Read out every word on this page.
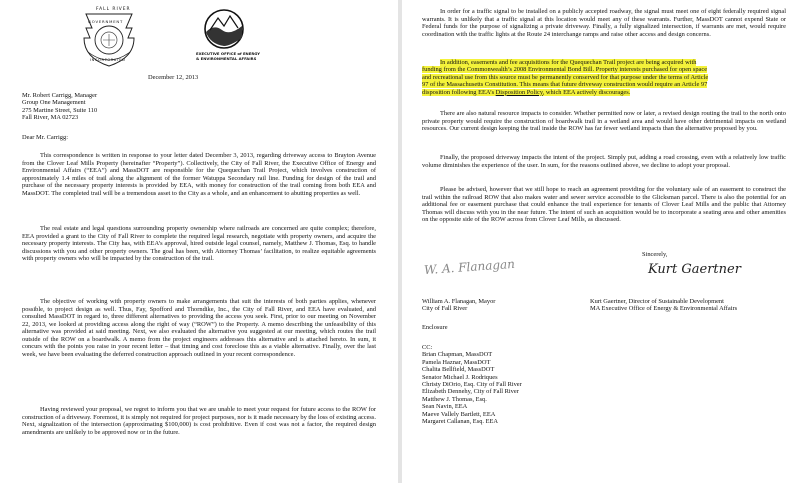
FALL RIVER
GOVERNMENT
INCORPORATED
EXECUTIVE OFFICE of ENERGY
& ENVIRONMENTAL AFFAIRS
December 12, 2013
Mr. Robert Carrigg, Manager
Group One Management
275 Martine Street, Suite 110
Fall River, MA 02723
Dear Mr. Carrigg:

This correspondence is written in response to your letter dated December 3, 2013, regarding driveway access to Brayton Avenue from the Clover Leaf Mills Property (hereinafter “Property”). Collectively, the City of Fall River, the Executive Office of Energy and Environmental Affairs (“EEA”) and MassDOT are responsible for the Quequechan Trail Project, which involves construction of approximately 1.4 miles of trail along the alignment of the former Watuppa Secondary rail line. Funding for design of the trail and purchase of the necessary property interests is provided by EEA, with money for construction of the trail coming from both EEA and MassDOT. The completed trail will be a tremendous asset to the City as a whole, and an enhancement to abutting properties as well.

The real estate and legal questions surrounding property ownership where railroads are concerned are quite complex; therefore, EEA provided a grant to the City of Fall River to complete the required legal research, negotiate with property owners, and acquire the necessary property interests. The City has, with EEA’s approval, hired outside legal counsel, namely, Matthew J. Thomas, Esq. to handle discussions with you and other property owners. The goal has been, with Attorney Thomas’ facilitation, to realize equitable agreements with property owners who will be impacted by the construction of the trail.

The objective of working with property owners to make arrangements that suit the interests of both parties applies, whenever possible, to project design as well. Thus, Fay, Spofford and Thorndike, Inc., the City of Fall River, and EEA have evaluated, and consulted MassDOT in regard to, three different alternatives to providing the access you seek. First, prior to our meeting on November 22, 2013, we looked at providing access along the right of way (“ROW”) to the Property. A memo describing the unfeasibility of this alternative was provided at said meeting. Next, we also evaluated the alternative you suggested at our meeting, which routes the trail outside of the ROW on a boardwalk. A memo from the project engineers addresses this alternative and is attached hereto. In sum, it concurs with the points you raise in your recent letter – that timing and cost foreclose this as a viable alternative. Finally, over the last week, we have been evaluating the deferred construction approach outlined in your recent correspondence.

Having reviewed your proposal, we regret to inform you that we are unable to meet your request for future access to the ROW for construction of a driveway. Foremost, it is simply not required for project purposes, nor is it made necessary by the loss of existing access. Next, signalization of the intersection (approximating $100,000) is cost prohibitive. Even if cost was not a factor, the required design amendments are unlikely to be approved now or in the future.

In order for a traffic signal to be installed on a publicly accepted roadway, the signal must meet one of eight federally required signal warrants. It is unlikely that a traffic signal at this location would meet any of these warrants. Further, MassDOT cannot expend State or Federal funds for the purpose of signalizing a private driveway. Finally, a fully signalized intersection, if warrants are met, would require coordination with the traffic lights at the Route 24 interchange ramps and raise other access and design concerns.

In addition, easements and fee acquisitions for the Quequechan Trail project are being acquired with
funding from the Commonwealth’s 2008 Environmental Bond Bill. Property interests purchased for open space
and recreational use from this source must be permanently conserved for that purpose under the terms of Article
97 of the Massachusetts Constitution. This means that future driveway construction would require an Article 97
disposition following EEA’s Disposition Policy, which EEA actively discourages.

There are also natural resource impacts to consider. Whether permitted now or later, a revised design routing the trail to the north onto private property would require the construction of boardwalk trail in a wetland area and would have other detrimental impacts on wetland resources. Our current design keeping the trail inside the ROW has far fewer wetland impacts than the alternative proposed by you.

Finally, the proposed driveway impacts the intent of the project. Simply put, adding a road crossing, even with a relatively low traffic volume diminishes the experience of the user. In sum, for the reasons outlined above, we decline to adopt your proposal.

Please be advised, however that we still hope to reach an agreement providing for the voluntary sale of an easement to construct the trail within the railroad ROW that also makes water and sewer service accessible to the Glicksman parcel. There is also the potential for an additional fee or easement purchase that could enhance the trail experience for tenants of Clover Leaf Mills and the public that Attorney Thomas will discuss with you in the near future. The intent of such an acquisition would be to incorporate a seating area and other amenities on the opposite side of the ROW across from Clover Leaf Mills, as discussed.

Sincerely,
W. A. Flanagan	Kurt Gaertner
William A. Flanagan, Mayor
City of Fall River
Kurt Gaertner, Director of Sustainable Development
MA Executive Office of Energy & Environmental Affairs
Enclosure
CC:
Brian Chapman, MassDOT
Pamela Haznar, MassDOT
Chalita Bellfield, MassDOT
Senator Michael J. Rodriques
Christy DiOrio, Esq. City of Fall River
Elizabeth Dennehy, City of Fall River
Matthew J. Thomas, Esq.
Sean Navin, EEA
Maeve Vallely Bartlett, EEA
Margaret Callanan, Esq. EEA
